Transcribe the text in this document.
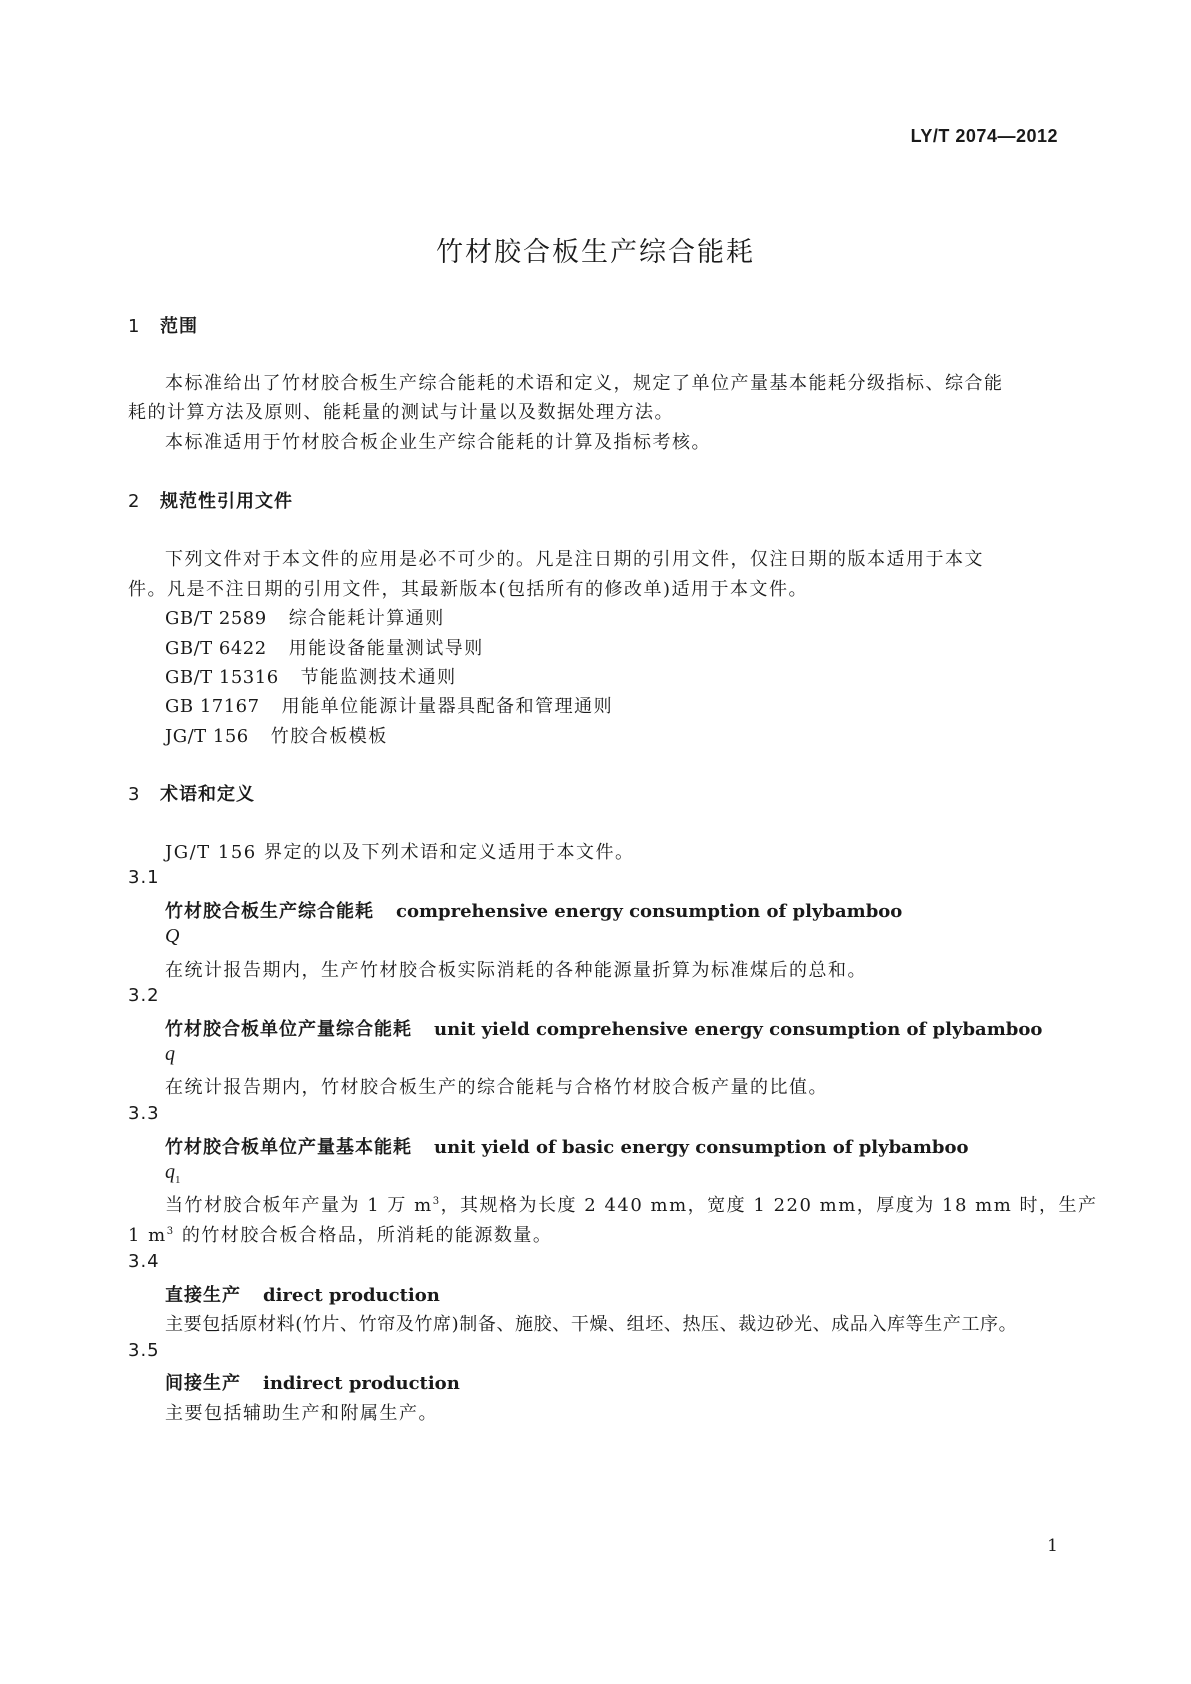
LY/T 2074—2012
竹材胶合板生产综合能耗
1 范围
本标准给出了竹材胶合板生产综合能耗的术语和定义，规定了单位产量基本能耗分级指标、综合能
耗的计算方法及原则、能耗量的测试与计量以及数据处理方法。
本标准适用于竹材胶合板企业生产综合能耗的计算及指标考核。
2 规范性引用文件
下列文件对于本文件的应用是必不可少的。凡是注日期的引用文件，仅注日期的版本适用于本文
件。凡是不注日期的引用文件，其最新版本(包括所有的修改单)适用于本文件。
GB/T 2589 综合能耗计算通则
GB/T 6422 用能设备能量测试导则
GB/T 15316 节能监测技术通则
GB 17167 用能单位能源计量器具配备和管理通则
JG/T 156 竹胶合板模板
3 术语和定义
JG/T 156 界定的以及下列术语和定义适用于本文件。
3.1
竹材胶合板生产综合能耗 comprehensive energy consumption of plybamboo
Q
在统计报告期内，生产竹材胶合板实际消耗的各种能源量折算为标准煤后的总和。
3.2
竹材胶合板单位产量综合能耗 unit yield comprehensive energy consumption of plybamboo
q
在统计报告期内，竹材胶合板生产的综合能耗与合格竹材胶合板产量的比值。
3.3
竹材胶合板单位产量基本能耗 unit yield of basic energy consumption of plybamboo
$q_1$
当竹材胶合板年产量为 1 万 $m^3$，其规格为长度 2 440 mm，宽度 1 220 mm，厚度为 18 mm 时，生产
1 $m^3$ 的竹材胶合板合格品，所消耗的能源数量。
3.4
直接生产 direct production
主要包括原材料(竹片、竹帘及竹席)制备、施胶、干燥、组坯、热压、裁边砂光、成品入库等生产工序。
3.5
间接生产 indirect production
主要包括辅助生产和附属生产。
1
